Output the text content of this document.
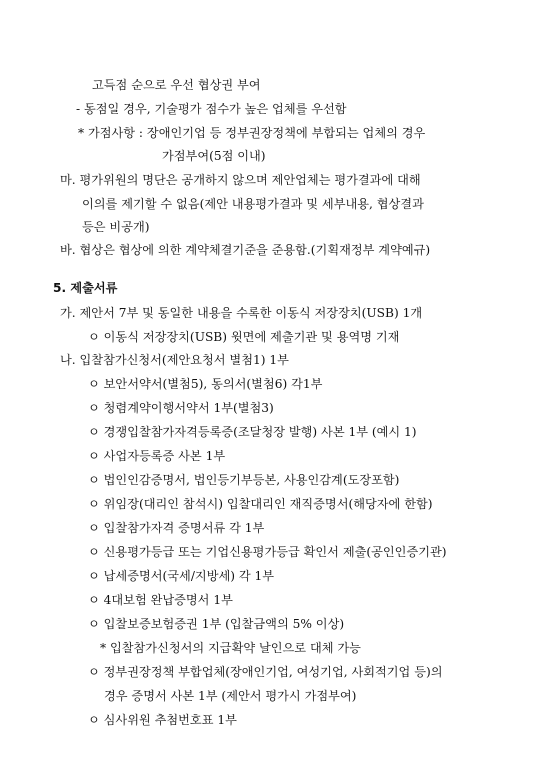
고득점 순으로 우선 협상권 부여
- 동점일 경우, 기술평가 점수가 높은 업체를 우선함
* 가점사항 : 장애인기업 등 정부권장정책에 부합되는 업체의 경우
가점부여(5점 이내)
마. 평가위원의 명단은 공개하지 않으며 제안업체는 평가결과에 대해
이의를 제기할 수 없음(제안 내용평가결과 및 세부내용, 협상결과
등은 비공개)
바. 협상은 협상에 의한 계약체결기준을 준용함.(기획재정부 계약예규)
5. 제출서류
가. 제안서 7부 및 동일한 내용을 수록한 이동식 저장장치(USB) 1개
ㅇ 이동식 저장장치(USB) 윗면에 제출기관 및 용역명 기재
나. 입찰참가신청서(제안요청서 별첨1) 1부
ㅇ 보안서약서(별첨5), 동의서(별첨6) 각1부
ㅇ 청렴계약이행서약서 1부(별첨3)
ㅇ 경쟁입찰참가자격등록증(조달청장 발행) 사본 1부 (예시 1)
ㅇ 사업자등록증 사본 1부
ㅇ 법인인감증명서, 법인등기부등본, 사용인감계(도장포함)
ㅇ 위임장(대리인 참석시) 입찰대리인 재직증명서(해당자에 한함)
ㅇ 입찰참가자격 증명서류 각 1부
ㅇ 신용평가등급 또는 기업신용평가등급 확인서 제출(공인인증기관)
ㅇ 납세증명서(국세/지방세) 각 1부
ㅇ 4대보험 완납증명서 1부
ㅇ 입찰보증보험증권 1부 (입찰금액의 5% 이상)
* 입찰참가신청서의 지급확약 날인으로 대체 가능
ㅇ 정부권장정책 부합업체(장애인기업, 여성기업, 사회적기업 등)의
경우 증명서 사본 1부 (제안서 평가시 가점부여)
ㅇ 심사위원 추첨번호표 1부
